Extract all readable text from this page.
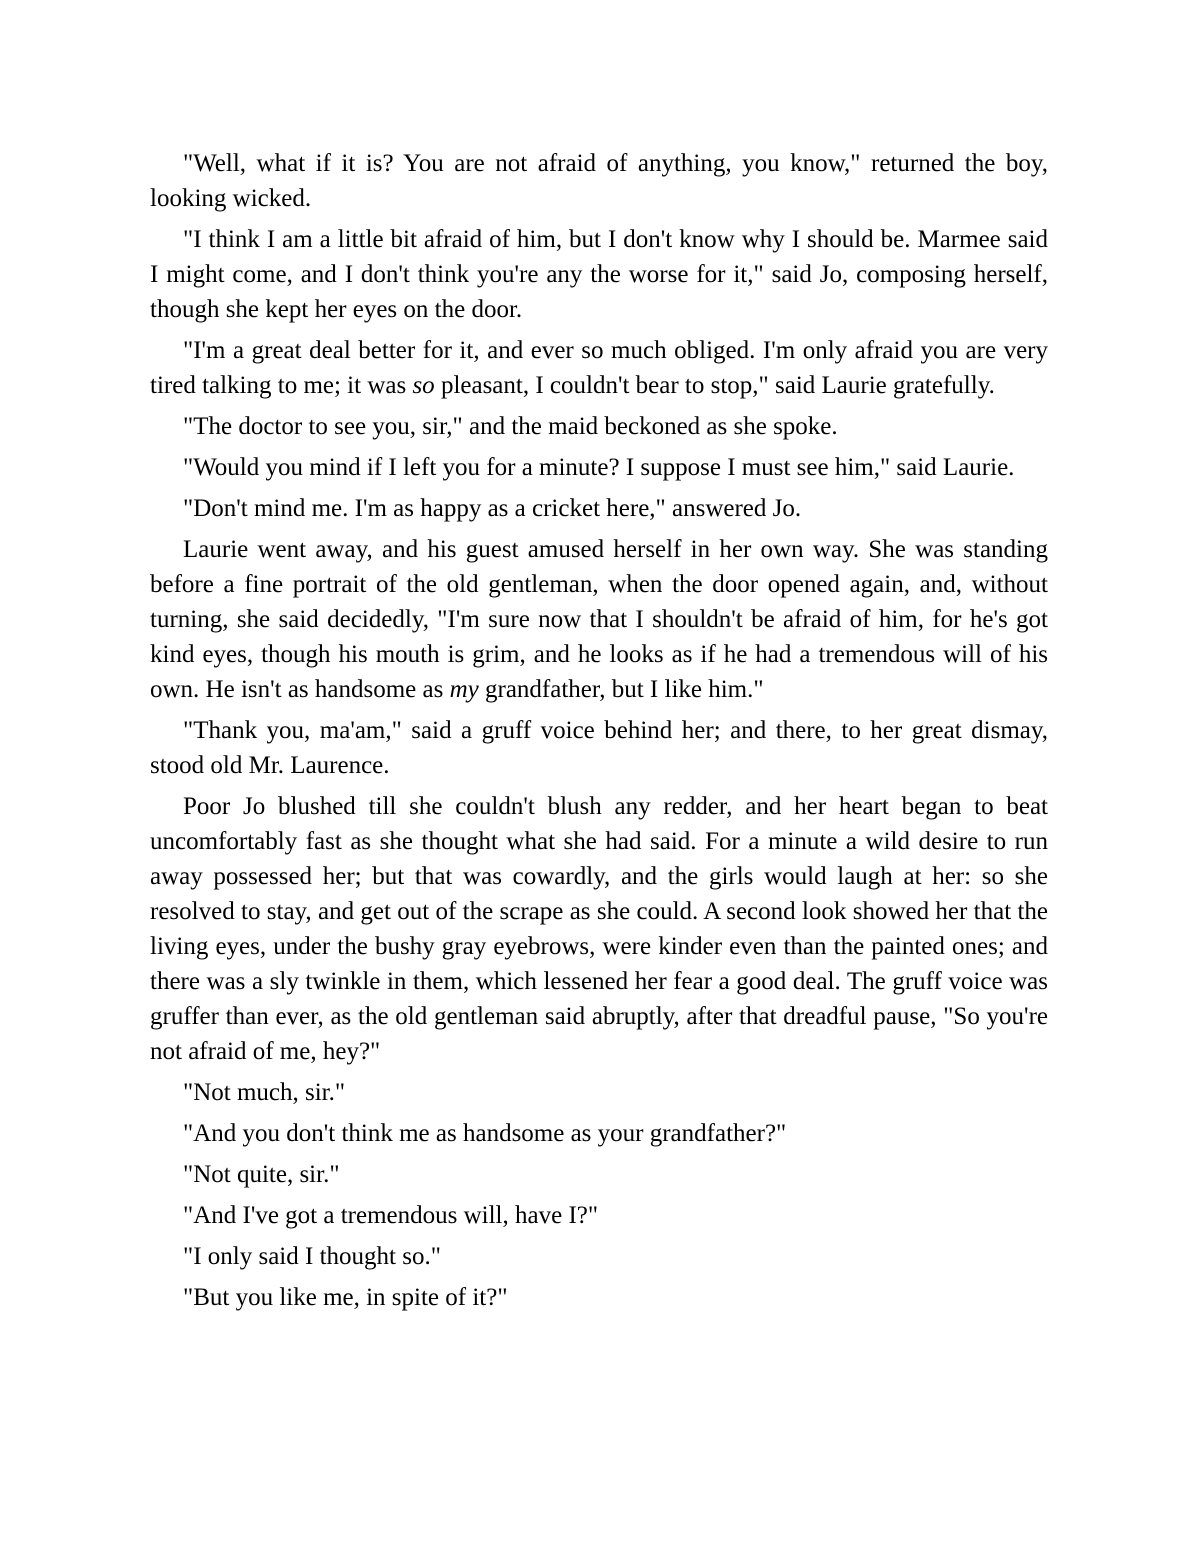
"Well, what if it is? You are not afraid of anything, you know," returned the boy, looking wicked.

"I think I am a little bit afraid of him, but I don't know why I should be. Marmee said I might come, and I don't think you're any the worse for it," said Jo, composing herself, though she kept her eyes on the door.

"I'm a great deal better for it, and ever so much obliged. I'm only afraid you are very tired talking to me; it was so pleasant, I couldn't bear to stop," said Laurie gratefully.

"The doctor to see you, sir," and the maid beckoned as she spoke.

"Would you mind if I left you for a minute? I suppose I must see him," said Laurie.

"Don't mind me. I'm as happy as a cricket here," answered Jo.

Laurie went away, and his guest amused herself in her own way. She was standing before a fine portrait of the old gentleman, when the door opened again, and, without turning, she said decidedly, "I'm sure now that I shouldn't be afraid of him, for he's got kind eyes, though his mouth is grim, and he looks as if he had a tremendous will of his own. He isn't as handsome as my grandfather, but I like him."

"Thank you, ma'am," said a gruff voice behind her; and there, to her great dismay, stood old Mr. Laurence.

Poor Jo blushed till she couldn't blush any redder, and her heart began to beat uncomfortably fast as she thought what she had said. For a minute a wild desire to run away possessed her; but that was cowardly, and the girls would laugh at her: so she resolved to stay, and get out of the scrape as she could. A second look showed her that the living eyes, under the bushy gray eyebrows, were kinder even than the painted ones; and there was a sly twinkle in them, which lessened her fear a good deal. The gruff voice was gruffer than ever, as the old gentleman said abruptly, after that dreadful pause, "So you're not afraid of me, hey?"

"Not much, sir."

"And you don't think me as handsome as your grandfather?"

"Not quite, sir."

"And I've got a tremendous will, have I?"

"I only said I thought so."

"But you like me, in spite of it?"
